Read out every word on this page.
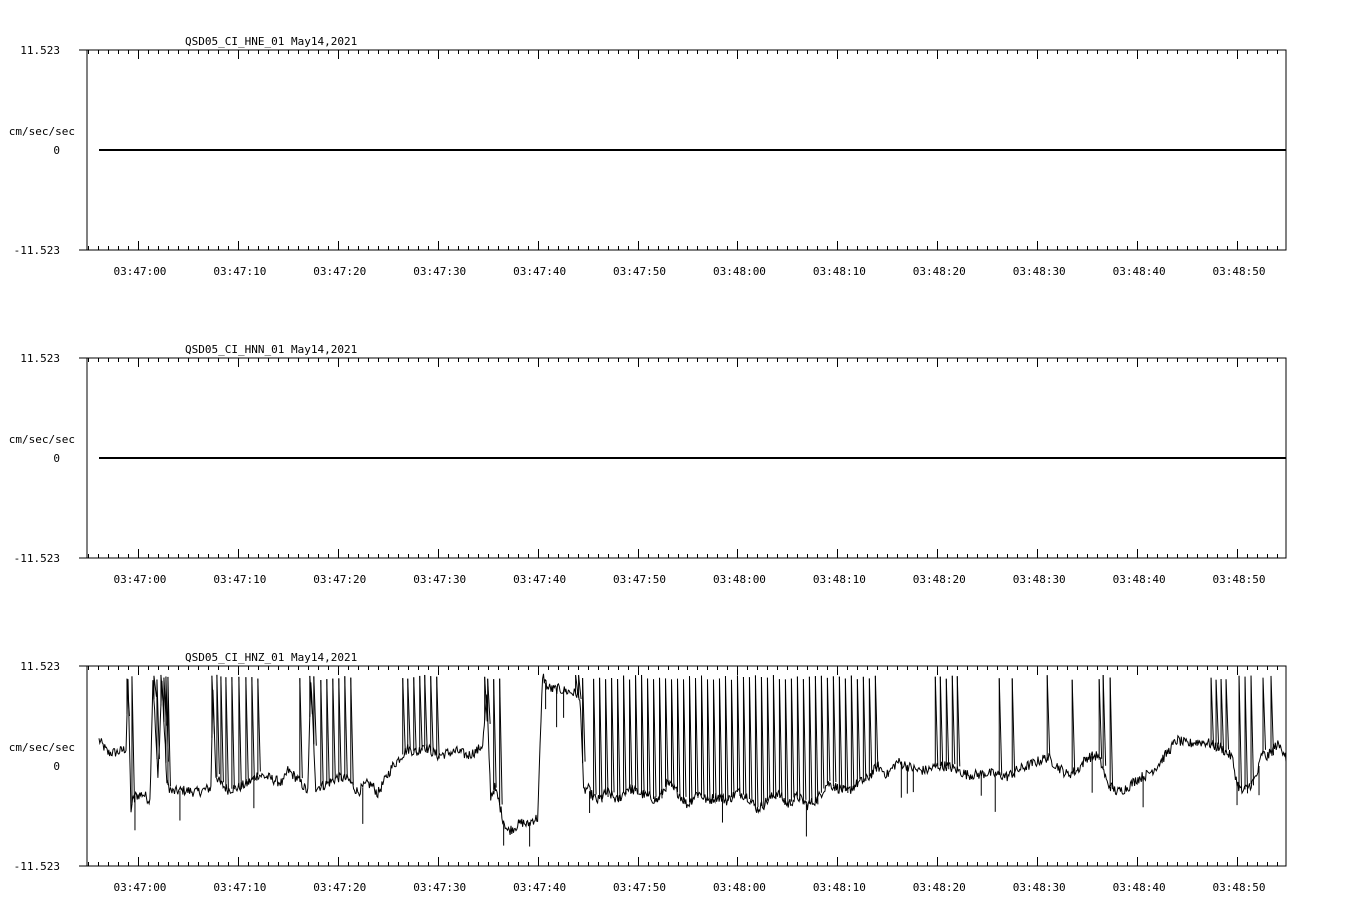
QSD05_CI_HNE_01 May14,2021
11.523
0
-11.523
cm/sec/sec
03:47:00	03:47:10	03:47:20	03:47:30	03:47:40	03:47:50	03:48:00	03:48:10	03:48:20	03:48:30	03:48:40	03:48:50
QSD05_CI_HNN_01 May14,2021
11.523
0
-11.523
cm/sec/sec
03:47:00	03:47:10	03:47:20	03:47:30	03:47:40	03:47:50	03:48:00	03:48:10	03:48:20	03:48:30	03:48:40	03:48:50
QSD05_CI_HNZ_01 May14,2021
11.523
0
-11.523
cm/sec/sec
03:47:00	03:47:10	03:47:20	03:47:30	03:47:40	03:47:50	03:48:00	03:48:10	03:48:20	03:48:30	03:48:40	03:48:50
